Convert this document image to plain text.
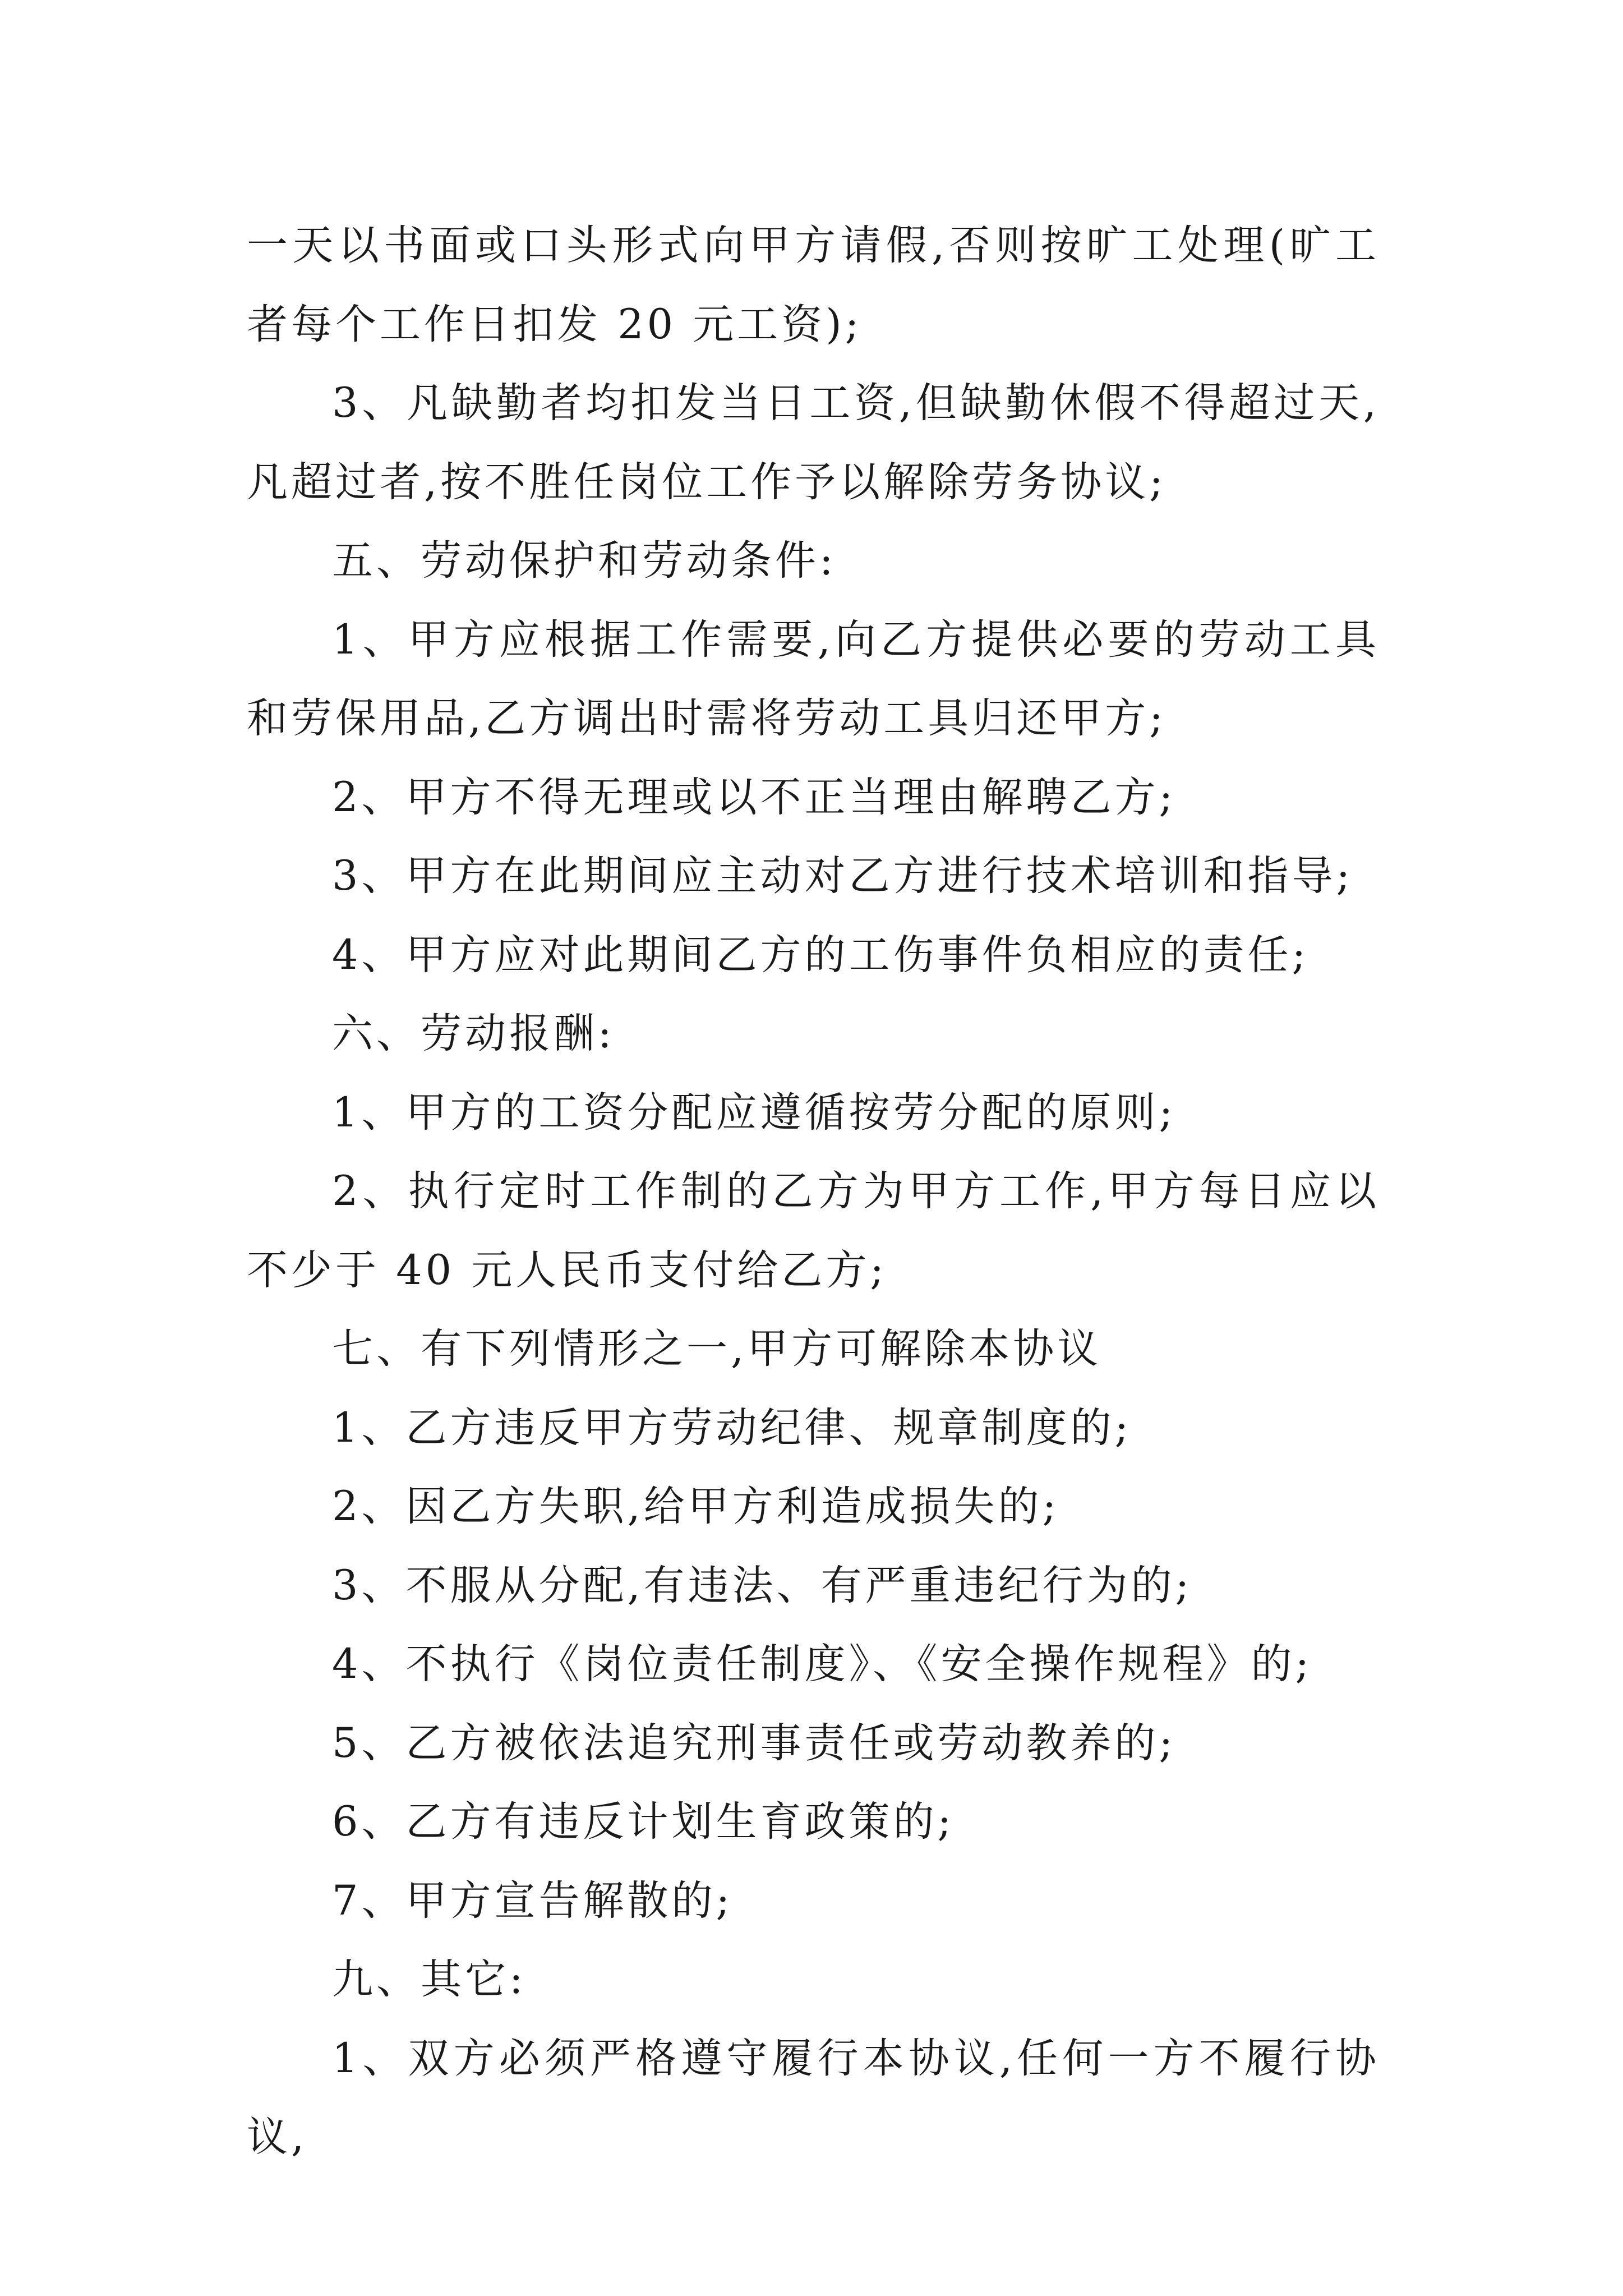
一天以书面或口头形式向甲方请假,否则按旷工处理(旷工者每个工作日扣发 20 元工资);

3、凡缺勤者均扣发当日工资,但缺勤休假不得超过天,凡超过者,按不胜任岗位工作予以解除劳务协议;

五、劳动保护和劳动条件:

1、甲方应根据工作需要,向乙方提供必要的劳动工具和劳保用品,乙方调出时需将劳动工具归还甲方;

2、甲方不得无理或以不正当理由解聘乙方;

3、甲方在此期间应主动对乙方进行技术培训和指导;

4、甲方应对此期间乙方的工伤事件负相应的责任;

六、劳动报酬:

1、甲方的工资分配应遵循按劳分配的原则;

2、执行定时工作制的乙方为甲方工作,甲方每日应以不少于 40 元人民币支付给乙方;

七、有下列情形之一,甲方可解除本协议

1、乙方违反甲方劳动纪律、规章制度的;

2、因乙方失职,给甲方利造成损失的;

3、不服从分配,有违法、有严重违纪行为的;

4、不执行《岗位责任制度》、《安全操作规程》的;

5、乙方被依法追究刑事责任或劳动教养的;

6、乙方有违反计划生育政策的;

7、甲方宣告解散的;

九、其它:

1、双方必须严格遵守履行本协议,任何一方不履行协议,
